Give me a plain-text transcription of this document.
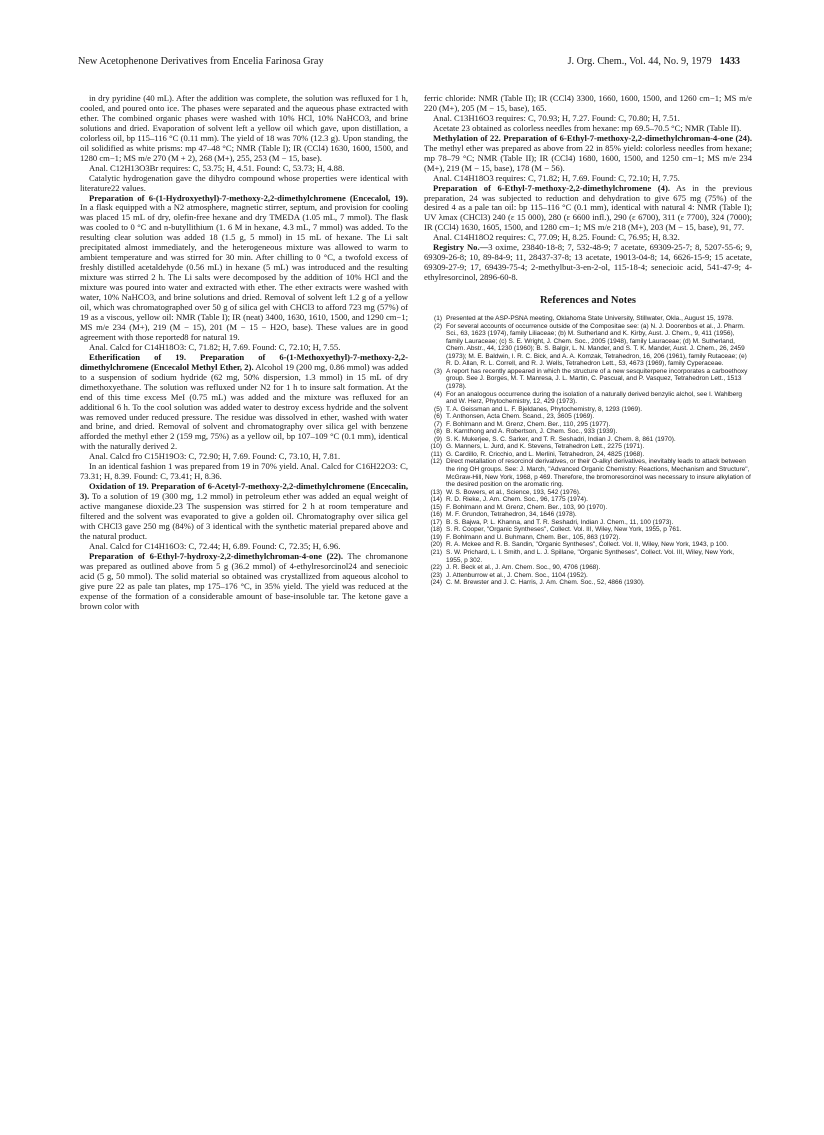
New Acetophenone Derivatives from Encelia Farinosa Gray	J. Org. Chem., Vol. 44, No. 9, 1979 1433

in dry pyridine (40 mL). After the addition was complete, the solution was refluxed for 1 h, cooled, and poured onto ice. The phases were separated and the aqueous phase extracted with ether. The combined organic phases were washed with 10% HCl, 10% NaHCO3, and brine solutions and dried. Evaporation of solvent left a yellow oil which gave, upon distillation, a colorless oil, bp 115–116 °C (0.11 mm). The yield of 18 was 70% (12.3 g). Upon standing, the oil solidified as white prisms: mp 47–48 °C; NMR (Table I); IR (CCl4) 1630, 1600, 1500, and 1280 cm−1; MS m/e 270 (M + 2), 268 (M+), 255, 253 (M − 15, base).

Anal. C12H13O3Br requires: C, 53.75; H, 4.51. Found: C, 53.73; H, 4.88.

Catalytic hydrogenation gave the dihydro compound whose properties were identical with literature22 values.

Preparation of 6-(1-Hydroxyethyl)-7-methoxy-2,2-dimethylchromene (Encecalol, 19). In a flask equipped with a N2 atmosphere, magnetic stirrer, septum, and provision for cooling was placed 15 mL of dry, olefin-free hexane and dry TMEDA (1.05 mL, 7 mmol). The flask was cooled to 0 °C and n-butyllithium (1. 6 M in hexane, 4.3 mL, 7 mmol) was added. To the resulting clear solution was added 18 (1.5 g, 5 mmol) in 15 mL of hexane. The Li salt precipitated almost immediately, and the heterogeneous mixture was allowed to warm to ambient temperature and was stirred for 30 min. After chilling to 0 °C, a twofold excess of freshly distilled acetaldehyde (0.56 mL) in hexane (5 mL) was introduced and the resulting mixture was stirred 2 h. The Li salts were decomposed by the addition of 10% HCl and the mixture was poured into water and extracted with ether. The ether extracts were washed with water, 10% NaHCO3, and brine solutions and dried. Removal of solvent left 1.2 g of a yellow oil, which was chromatographed over 50 g of silica gel with CHCl3 to afford 723 mg (57%) of 19 as a viscous, yellow oil: NMR (Table I); IR (neat) 3400, 1630, 1610, 1500, and 1290 cm−1; MS m/e 234 (M+), 219 (M − 15), 201 (M − 15 − H2O, base). These values are in good agreement with those reported8 for natural 19.

Anal. Calcd for C14H18O3: C, 71.82; H, 7.69. Found: C, 72.10; H, 7.55.

Etherification of 19. Preparation of 6-(1-Methoxyethyl)-7-methoxy-2,2-dimethylchromene (Encecalol Methyl Ether, 2). Alcohol 19 (200 mg, 0.86 mmol) was added to a suspension of sodium hydride (62 mg, 50% dispersion, 1.3 mmol) in 15 mL of dry dimethoxyethane. The solution was refluxed under N2 for 1 h to insure salt formation. At the end of this time excess MeI (0.75 mL) was added and the mixture was refluxed for an additional 6 h. To the cool solution was added water to destroy excess hydride and the solvent was removed under reduced pressure. The residue was dissolved in ether, washed with water and brine, and dried. Removal of solvent and chromatography over silica gel with benzene afforded the methyl ether 2 (159 mg, 75%) as a yellow oil, bp 107–109 °C (0.1 mm), identical with the naturally derived 2.

Anal. Calcd fro C15H19O3: C, 72.90; H, 7.69. Found: C, 73.10, H, 7.81.

In an identical fashion 1 was prepared from 19 in 70% yield. Anal. Calcd for C16H22O3: C, 73.31; H, 8.39. Found: C, 73.41; H, 8.36.

Oxidation of 19. Preparation of 6-Acetyl-7-methoxy-2,2-dimethylchromene (Encecalin, 3). To a solution of 19 (300 mg, 1.2 mmol) in petroleum ether was added an equal weight of active manganese dioxide.23 The suspension was stirred for 2 h at room temperature and filtered and the solvent was evaporated to give a golden oil. Chromatography over silica gel with CHCl3 gave 250 mg (84%) of 3 identical with the synthetic material prepared above and the natural product.

Anal. Calcd for C14H16O3: C, 72.44; H, 6.89. Found: C, 72.35; H, 6.96.

Preparation of 6-Ethyl-7-hydroxy-2,2-dimethylchroman-4-one (22). The chromanone was prepared as outlined above from 5 g (36.2 mmol) of 4-ethylresorcinol24 and senecioic acid (5 g, 50 mmol). The solid material so obtained was crystallized from aqueous alcohol to give pure 22 as pale tan plates, mp 175–176 °C, in 35% yield. The yield was reduced at the expense of the formation of a considerable amount of base-insoluble tar. The ketone gave a brown color with

ferric chloride: NMR (Table II); IR (CCl4) 3300, 1660, 1600, 1500, and 1260 cm−1; MS m/e 220 (M+), 205 (M − 15, base), 165.

Anal. C13H16O3 requires: C, 70.93; H, 7.27. Found: C, 70.80; H, 7.51.

Acetate 23 obtained as colorless needles from hexane: mp 69.5–70.5 °C; NMR (Table II).

Methylation of 22. Preparation of 6-Ethyl-7-methoxy-2,2-dimethylchroman-4-one (24). The methyl ether was prepared as above from 22 in 85% yield: colorless needles from hexane; mp 78–79 °C; NMR (Table II); IR (CCl4) 1680, 1600, 1500, and 1250 cm−1; MS m/e 234 (M+), 219 (M − 15, base), 178 (M − 56).

Anal. C14H18O3 requires: C, 71.82; H, 7.69. Found: C, 72.10; H, 7.75.

Preparation of 6-Ethyl-7-methoxy-2,2-dimethylchromene (4). As in the previous preparation, 24 was subjected to reduction and dehydration to give 675 mg (75%) of the desired 4 as a pale tan oil: bp 115–116 °C (0.1 mm), identical with natural 4: NMR (Table I); UV λmax (CHCl3) 240 (ε 15 000), 280 (ε 6600 infl.), 290 (ε 6700), 311 (ε 7700), 324 (7000); IR (CCl4) 1630, 1605, 1500, and 1280 cm−1; MS m/e 218 (M+), 203 (M − 15, base), 91, 77.

Anal. C14H18O2 requires: C, 77.09; H, 8.25. Found: C, 76.95; H, 8.32.

Registry No.—3 oxime, 23840-18-8; 7, 532-48-9; 7 acetate, 69309-25-7; 8, 5207-55-6; 9, 69309-26-8; 10, 89-84-9; 11, 28437-37-8; 13 acetate, 19013-04-8; 14, 6626-15-9; 15 acetate, 69309-27-9; 17, 69439-75-4; 2-methylbut-3-en-2-ol, 115-18-4; senecioic acid, 541-47-9; 4-ethylresorcinol, 2896-60-8.

References and Notes
(1) Presented at the ASP-PSNA meeting, Oklahoma State University, Stillwater, Okla., August 15, 1978.
(2) For several accounts of occurrence outside of the Compositae see: (a) N. J. Doorenbos et al., J. Pharm. Sci., 63, 1623 (1974), family Liliaceae; (b) M. Sutherland and K. Kirby, Aust. J. Chem., 9, 411 (1956), family Lauraceae; (c) S. E. Wright, J. Chem. Soc., 2005 (1948), family Lauraceae; (d) M. Sutherland, Chem. Abstr., 44, 1230 (1960); B. S. Balgir, L. N. Mander, and S. T. K. Mander, Aust. J. Chem., 26, 2459 (1973); M. E. Baldwin, I. R. C. Bick, and A. A. Komzak, Tetrahedron, 16, 206 (1961), family Rutaceae; (e) R. D. Allan, R. L. Correll, and R. J. Wells, Tetrahedron Lett., 53, 4673 (1969), family Cyperaceae.
(3) A report has recently appeared in which the structure of a new sesquiterpene incorporates a carboethoxy group. See J. Borges, M. T. Manresa, J. L. Martin, C. Pascual, and P. Vasquez, Tetrahedron Lett., 1513 (1978).
(4) For an analogous occurrence during the isolation of a naturally derived benzylic alchol, see I. Wahlberg and W. Herz, Phytochemistry, 12, 429 (1973).
(5) T. A. Geissman and L. F. Bjeldanes, Phytochemistry, 8, 1293 (1969).
(6) T. Anthonsen, Acta Chem. Scand., 23, 3605 (1969).
(7) F. Bohlmann and M. Grenz, Chem. Ber., 110, 295 (1977).
(8) B. Karnthong and A. Robertson, J. Chem. Soc., 933 (1939).
(9) S. K. Mukerjee, S. C. Sarker, and T. R. Seshadri, Indian J. Chem. 8, 861 (1970).
(10) G. Manners, L. Jurd, and K. Stevens, Tetrahedron Lett., 2275 (1971).
(11) G. Cardillo, R. Cricchio, and L. Merlini, Tetrahedron, 24, 4825 (1968).
(12) Direct metallation of resorcinol derivatives, or their O-alkyl derivatives, inevitably leads to attack between the ring OH groups. See: J. March, "Advanced Organic Chemistry: Reactions, Mechanism and Structure", McGraw-Hill, New York, 1968, p 469. Therefore, the bromoresorcinol was necessary to insure alkylation of the desired position on the aromatic ring.
(13) W. S. Bowers, et al., Science, 193, 542 (1976).
(14) R. D. Rieke, J. Am. Chem. Soc., 96, 1775 (1974).
(15) F. Bohlmann and M. Grenz, Chem. Ber., 103, 90 (1970).
(16) M. F. Grundon, Tetrahedron, 34, 1646 (1978).
(17) B. S. Bajwa, P. L. Khanna, and T. R. Seshadri, Indian J. Chem., 11, 100 (1973).
(18) S. R. Cooper, "Organic Syntheses", Collect. Vol. III, Wiley, New York, 1955, p 761.
(19) F. Bohlmann and U. Buhmann, Chem. Ber., 105, 863 (1972).
(20) R. A. Mckee and R. B. Sandin, "Organic Syntheses", Collect. Vol. II, Wiley, New York, 1943, p 100.
(21) S. W. Prichard, L. I. Smith, and L. J. Spillane, "Organic Syntheses", Collect. Vol. III, Wiley, New York, 1955, p 302.
(22) J. R. Beck et al., J. Am. Chem. Soc., 90, 4706 (1968).
(23) J. Attenburrow et al., J. Chem. Soc., 1104 (1952).
(24) C. M. Brewster and J. C. Harris, J. Am. Chem. Soc., 52, 4866 (1930).
